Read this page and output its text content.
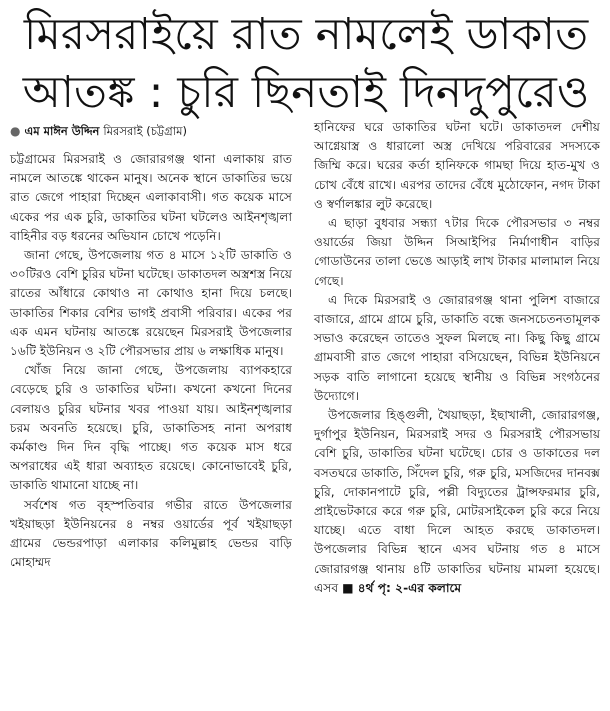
মিরসরাইয়ে রাত নামলেই ডাকাত
আতঙ্ক : চুরি ছিনতাই দিনদুপুরেও
● এম মাঈন উদ্দিন মিরসরাই (চট্টগ্রাম)

চট্টগ্রামের মিরসরাই ও জোরারগঞ্জ থানা এলাকায় রাত নামলে আতঙ্কে থাকেন মানুষ। অনেক স্থানে ডাকাতির ভয়ে রাত জেগে পাহারা দিচ্ছেন এলাকাবাসী। গত কয়েক মাসে একের পর এক চুরি, ডাকাতির ঘটনা ঘটলেও আইনশৃঙ্খলা বাহিনীর বড় ধরনের অভিযান চোখে পড়েনি।

জানা গেছে, উপজেলায় গত ৪ মাসে ১২টি ডাকাতি ও ৩০টিরও বেশি চুরির ঘটনা ঘটেছে। ডাকাতদল অস্ত্রশস্ত্র নিয়ে রাতের আঁধারে কোথাও না কোথাও হানা দিয়ে চলছে। ডাকাতির শিকার বেশির ভাগই প্রবাসী পরিবার। একের পর এক এমন ঘটনায় আতঙ্কে রয়েছেন মিরসরাই উপজেলার ১৬টি ইউনিয়ন ও ২টি পৌরসভার প্রায় ৬ লক্ষাধিক মানুষ।

খোঁজ নিয়ে জানা গেছে, উপজেলায় ব্যাপকহারে বেড়েছে চুরি ও ডাকাতির ঘটনা। কখনো কখনো দিনের বেলায়ও চুরির ঘটনার খবর পাওয়া যায়। আইনশৃঙ্খলার চরম অবনতি হয়েছে। চুরি, ডাকাতিসহ নানা অপরাধ কর্মকাণ্ড দিন দিন বৃদ্ধি পাচ্ছে। গত কয়েক মাস ধরে অপরাধের এই ধারা অব্যাহত রয়েছে। কোনোভাবেই চুরি, ডাকাতি থামানো যাচ্ছে না।

সর্বশেষ গত বৃহস্পতিবার গভীর রাতে উপজেলার খইয়াছড়া ইউনিয়নের ৪ নম্বর ওয়ার্ডের পূর্ব খইয়াছড়া গ্রামের ভেন্ডরপাড়া এলাকার কলিমুল্লাহ ভেন্ডর বাড়ি মোহাম্মদ

হানিফের ঘরে ডাকাতির ঘটনা ঘটে। ডাকাতদল দেশীয় আগ্নেয়াস্ত্র ও ধারালো অস্ত্র দেখিয়ে পরিবারের সদস্যকে জিম্মি করে। ঘরের কর্তা হানিফকে গামছা দিয়ে হাত-মুখ ও চোখ বেঁধে রাখে। এরপর তাদের বেঁধে মুঠোফোন, নগদ টাকা ও স্বর্ণালঙ্কার লুট করেছে।

এ ছাড়া বুধবার সন্ধ্যা ৭টার দিকে পৌরসভার ৩ নম্বর ওয়ার্ডের জিয়া উদ্দিন সিআইপির নির্মাণাধীন বাড়ির গোডাউনের তালা ভেঙে আড়াই লাখ টাকার মালামাল নিয়ে গেছে।

এ দিকে মিরসরাই ও জোরারগঞ্জ থানা পুলিশ বাজারে বাজারে, গ্রামে গ্রামে চুরি, ডাকাতি বন্ধে জনসচেতনতামূলক সভাও করেছেন তাতেও সুফল মিলছে না। কিছু কিছু গ্রামে গ্রামবাসী রাত জেগে পাহারা বসিয়েছেন, বিভিন্ন ইউনিয়নে সড়ক বাতি লাগানো হয়েছে স্থানীয় ও বিভিন্ন সংগঠনের উদ্যোগে।

উপজেলার হিঙ্গুলী, খৈয়াছড়া, ইছাখালী, জোরারগঞ্জ, দুর্গাপুর ইউনিয়ন, মিরসরাই সদর ও মিরসরাই পৌরসভায় বেশি চুরি, ডাকাতির ঘটনা ঘটেছে। চোর ও ডাকাতের দল বসতঘরে ডাকাতি, সিঁদেল চুরি, গরু চুরি, মসজিদের দানবক্স চুরি, দোকানপাটে চুরি, পল্লী বিদ্যুতের ট্রান্সফরমার চুরি, প্রাইভেটকারে করে গরু চুরি, মোটরসাইকেল চুরি করে নিয়ে যাচ্ছে। এতে বাধা দিলে আহত করছে ডাকাতদল। উপজেলার বিভিন্ন স্থানে এসব ঘটনায় গত ৪ মাসে জোরারগঞ্জ থানায় ৪টি ডাকাতির ঘটনায় মামলা হয়েছে। এসব ■ ৪র্থ পৃ: ২-এর কলামে
